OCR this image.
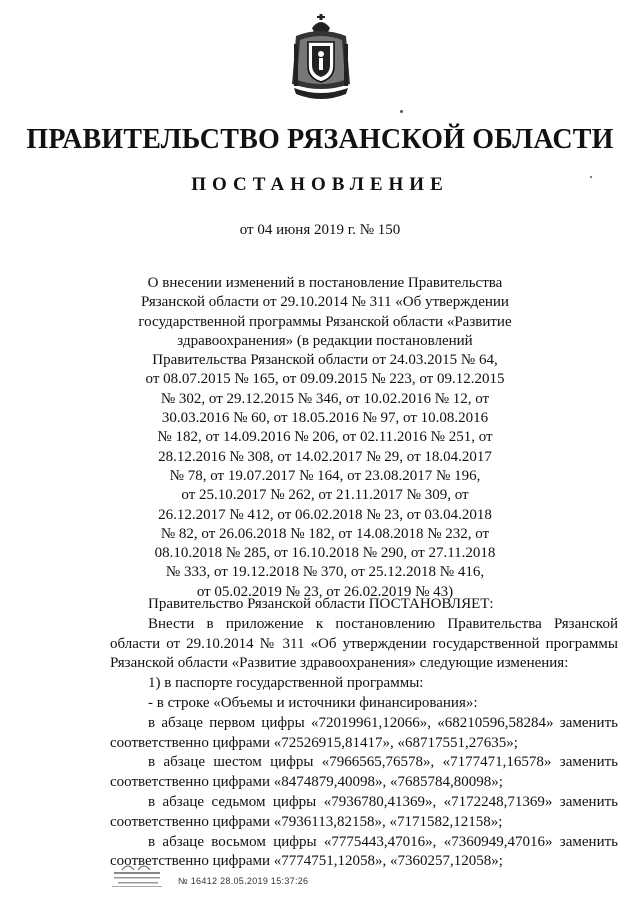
ПРАВИТЕЛЬСТВО РЯЗАНСКОЙ ОБЛАСТИ
ПОСТАНОВЛЕНИЕ
от 04 июня 2019 г. № 150
О внесении изменений в постановление Правительства
Рязанской области от 29.10.2014 № 311 «Об утверждении
государственной программы Рязанской области «Развитие
здравоохранения» (в редакции постановлений
Правительства Рязанской области от 24.03.2015 № 64,
от 08.07.2015 № 165, от 09.09.2015 № 223, от 09.12.2015
№ 302, от 29.12.2015 № 346, от 10.02.2016 № 12, от
30.03.2016 № 60, от 18.05.2016 № 97, от 10.08.2016
№ 182, от 14.09.2016 № 206, от 02.11.2016 № 251, от
28.12.2016 № 308, от 14.02.2017 № 29, от 18.04.2017
№ 78, от 19.07.2017 № 164, от 23.08.2017 № 196,
от 25.10.2017 № 262, от 21.11.2017 № 309, от
26.12.2017 № 412, от 06.02.2018 № 23, от 03.04.2018
№ 82, от 26.06.2018 № 182, от 14.08.2018 № 232, от
08.10.2018 № 285, от 16.10.2018 № 290, от 27.11.2018
№ 333, от 19.12.2018 № 370, от 25.12.2018 № 416,
от 05.02.2019 № 23, от 26.02.2019 № 43)
Правительство Рязанской области ПОСТАНОВЛЯЕТ:
Внести в приложение к постановлению Правительства Рязанской
области от 29.10.2014 № 311 «Об утверждении государственной программы
Рязанской области «Развитие здравоохранения» следующие изменения:
1) в паспорте государственной программы:
- в строке «Объемы и источники финансирования»:
в абзаце первом цифры «72019961,12066», «68210596,58284» заменить
соответственно цифрами «72526915,81417», «68717551,27635»;
в абзаце шестом цифры «7966565,76578», «7177471,16578» заменить
соответственно цифрами «8474879,40098», «7685784,80098»;
в абзаце седьмом цифры «7936780,41369», «7172248,71369» заменить
соответственно цифрами «7936113,82158», «7171582,12158»;
в абзаце восьмом цифры «7775443,47016», «7360949,47016» заменить
соответственно цифрами «7774751,12058», «7360257,12058»;
№ 16412 28.05.2019 15:37:26
